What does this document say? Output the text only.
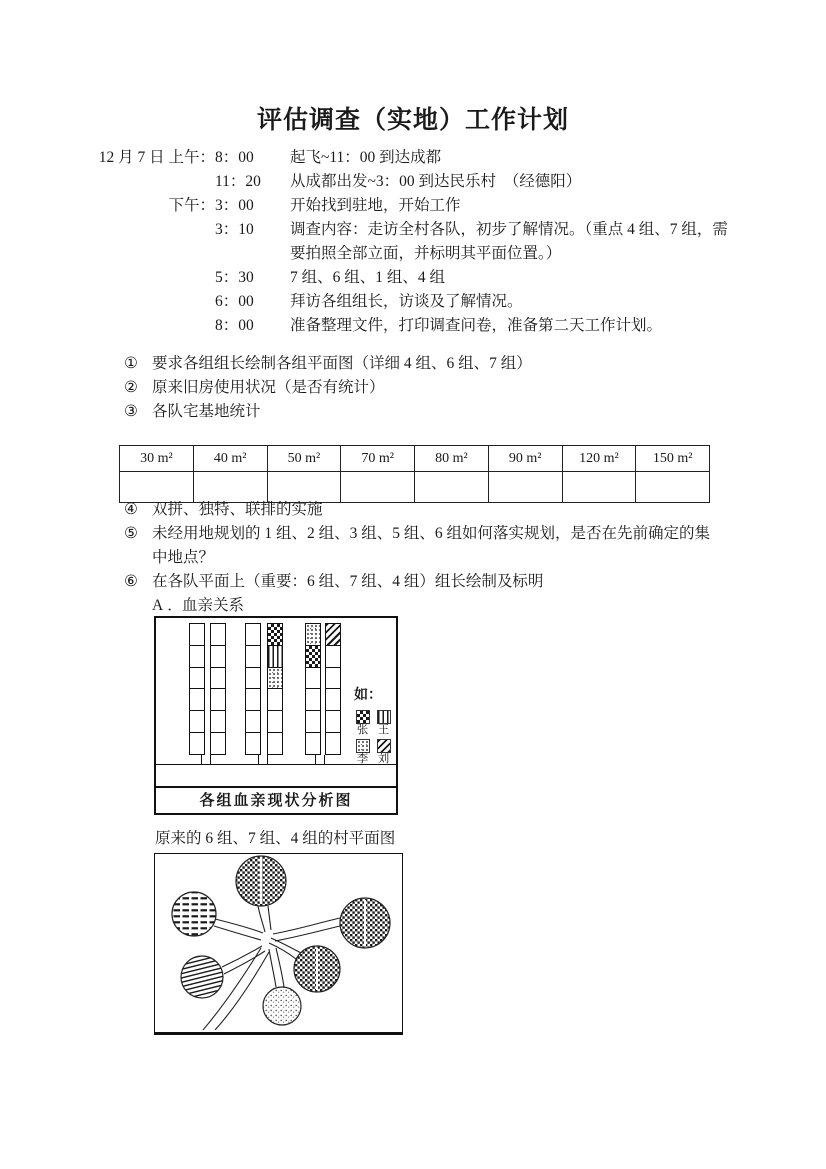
评估调查（实地）工作计划
12 月 7 日 上午： 8：00	起飞~11：00 到达成都
11：20	从成都出发~3：00 到达民乐村　（经德阳）
下午： 3：00	开始找到驻地，开始工作
3：10	调查内容：走访全村各队，初步了解情况。（重点 4 组、7 组，需
要拍照全部立面，并标明其平面位置。）
5：30	7 组、6 组、1 组、4 组
6：00	拜访各组组长，访谈及了解情况。
8：00	准备整理文件，打印调查问卷，准备第二天工作计划。
① 要求各组组长绘制各组平面图（详细 4 组、6 组、7 组）
② 原来旧房使用状况（是否有统计）
③ 各队宅基地统计
30 m²	40 m²	50 m²	70 m²	80 m²	90 m²	120 m²	150 m²

④ 双拼、独特、联排的实施
⑤ 未经用地规划的 1 组、2 组、3 组、5 组、6 组如何落实规划，是否在先前确定的集中地点？
⑥ 在各队平面上（重要：6 组、7 组、4 组）组长绘制及标明
A．
血亲关系
如：
张 王
李 刘
各组血亲现状分析图
原来的 6 组、7 组、4 组的村平面图
